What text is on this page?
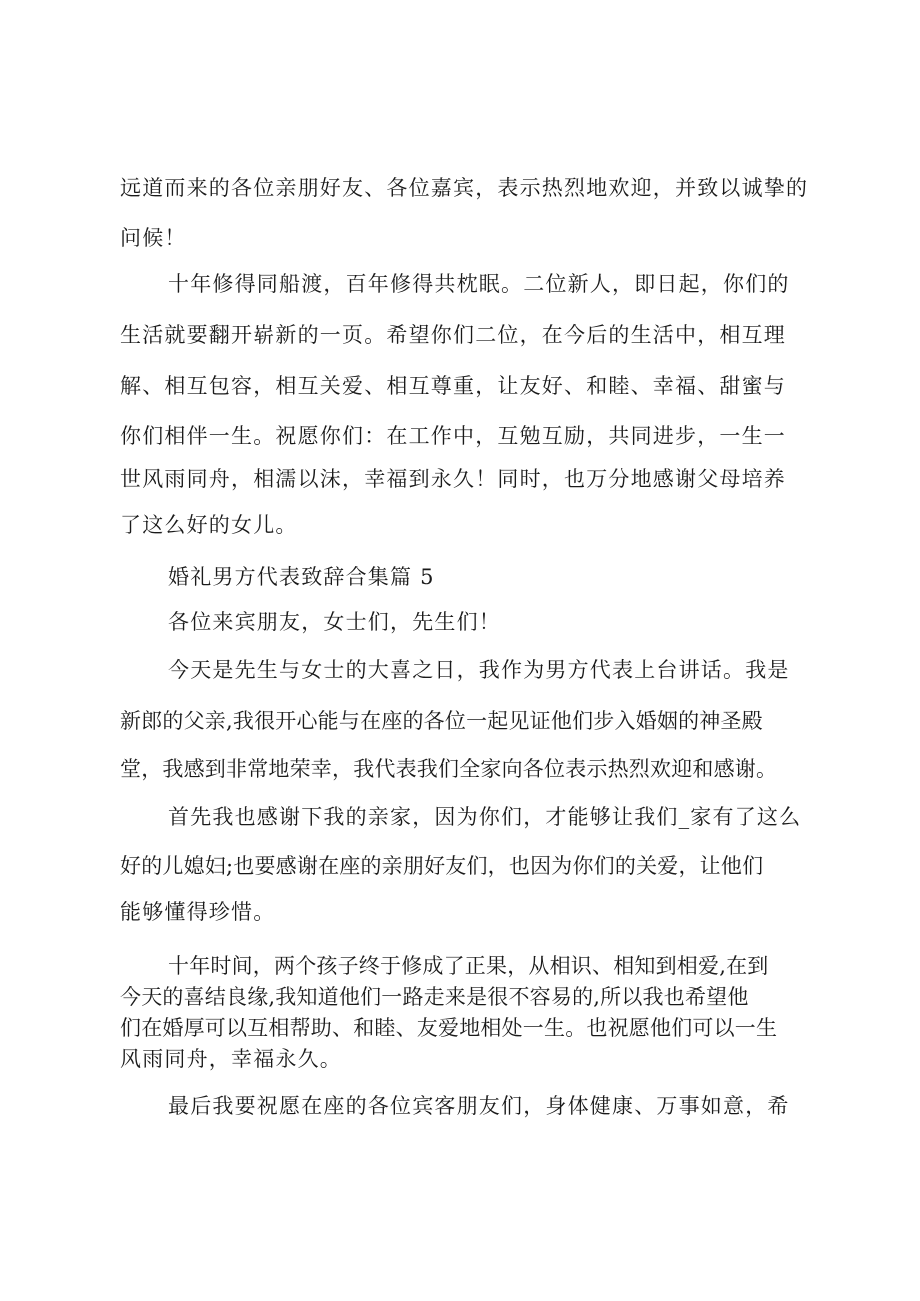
远道而来的各位亲朋好友、各位嘉宾，表示热烈地欢迎，并致以诚挚的
问候！
十年修得同船渡，百年修得共枕眠。二位新人，即日起，你们的
生活就要翻开崭新的一页。希望你们二位，在今后的生活中，相互理
解、相互包容，相互关爱、相互尊重，让友好、和睦、幸福、甜蜜与
你们相伴一生。祝愿你们：在工作中，互勉互励，共同进步，一生一
世风雨同舟，相濡以沫，幸福到永久！同时，也万分地感谢父母培养
了这么好的女儿。
婚礼男方代表致辞合集篇 5
各位来宾朋友，女士们，先生们！
今天是先生与女士的大喜之日，我作为男方代表上台讲话。我是
新郎的父亲,我很开心能与在座的各位一起见证他们步入婚姻的神圣殿
堂，我感到非常地荣幸，我代表我们全家向各位表示热烈欢迎和感谢。
首先我也感谢下我的亲家，因为你们，才能够让我们_家有了这么
好的儿媳妇;也要感谢在座的亲朋好友们，也因为你们的关爱，让他们
能够懂得珍惜。
十年时间，两个孩子终于修成了正果，从相识、相知到相爱,在到
今天的喜结良缘,我知道他们一路走来是很不容易的,所以我也希望他
们在婚厚可以互相帮助、和睦、友爱地相处一生。也祝愿他们可以一生
风雨同舟，幸福永久。
最后我要祝愿在座的各位宾客朋友们，身体健康、万事如意，希
